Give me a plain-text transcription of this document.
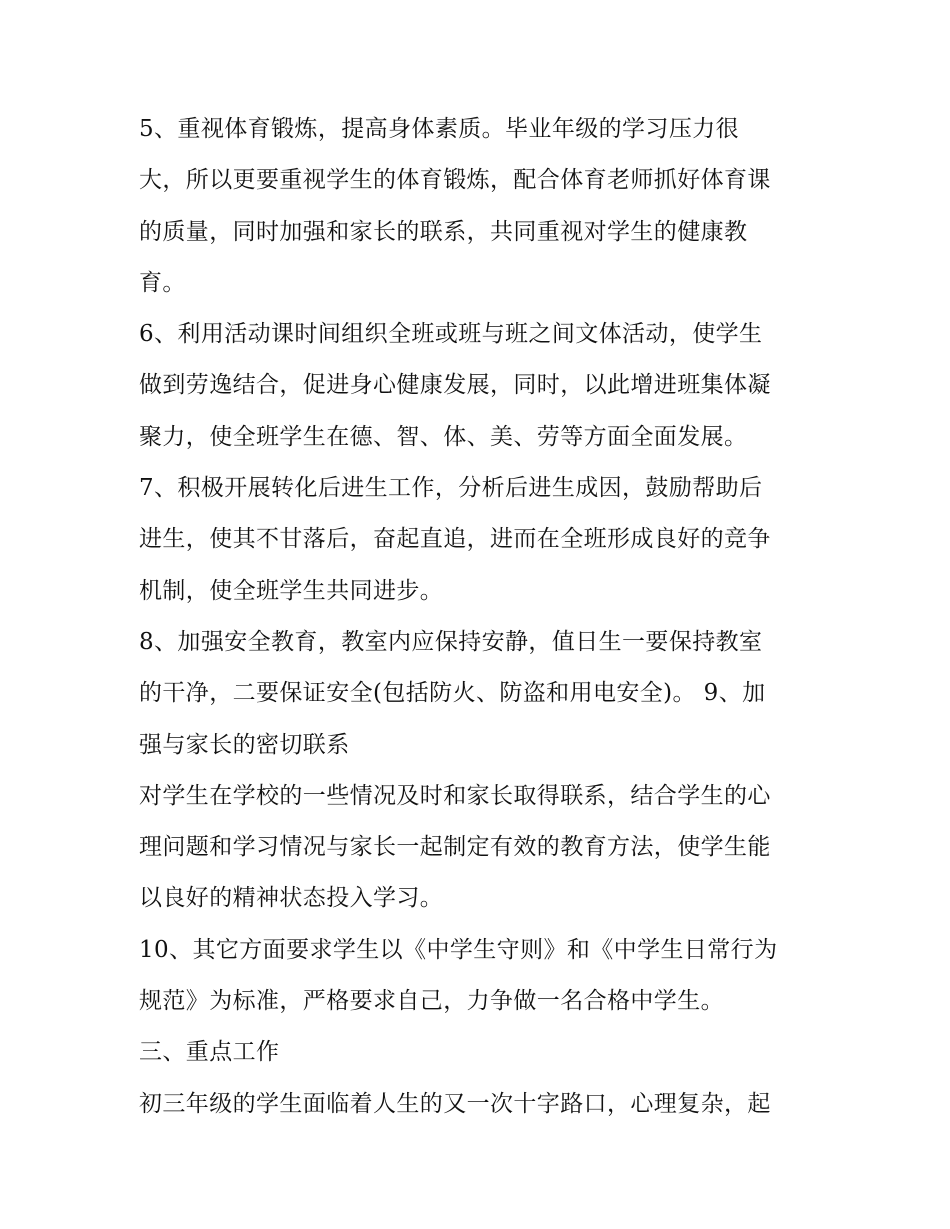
5、重视体育锻炼，提高身体素质。毕业年级的学习压力很
大，所以更要重视学生的体育锻炼，配合体育老师抓好体育课
的质量，同时加强和家长的联系，共同重视对学生的健康教
育。
6、利用活动课时间组织全班或班与班之间文体活动，使学生
做到劳逸结合，促进身心健康发展，同时，以此增进班集体凝
聚力，使全班学生在德、智、体、美、劳等方面全面发展。
7、积极开展转化后进生工作，分析后进生成因，鼓励帮助后
进生，使其不甘落后，奋起直追，进而在全班形成良好的竞争
机制，使全班学生共同进步。
8、加强安全教育，教室内应保持安静，值日生一要保持教室
的干净，二要保证安全(包括防火、防盗和用电安全)。 9、加
强与家长的密切联系
对学生在学校的一些情况及时和家长取得联系，结合学生的心
理问题和学习情况与家长一起制定有效的教育方法，使学生能
以良好的精神状态投入学习。
10、其它方面要求学生以《中学生守则》和《中学生日常行为
规范》为标准，严格要求自己，力争做一名合格中学生。
三、重点工作
初三年级的学生面临着人生的又一次十字路口，心理复杂，起
